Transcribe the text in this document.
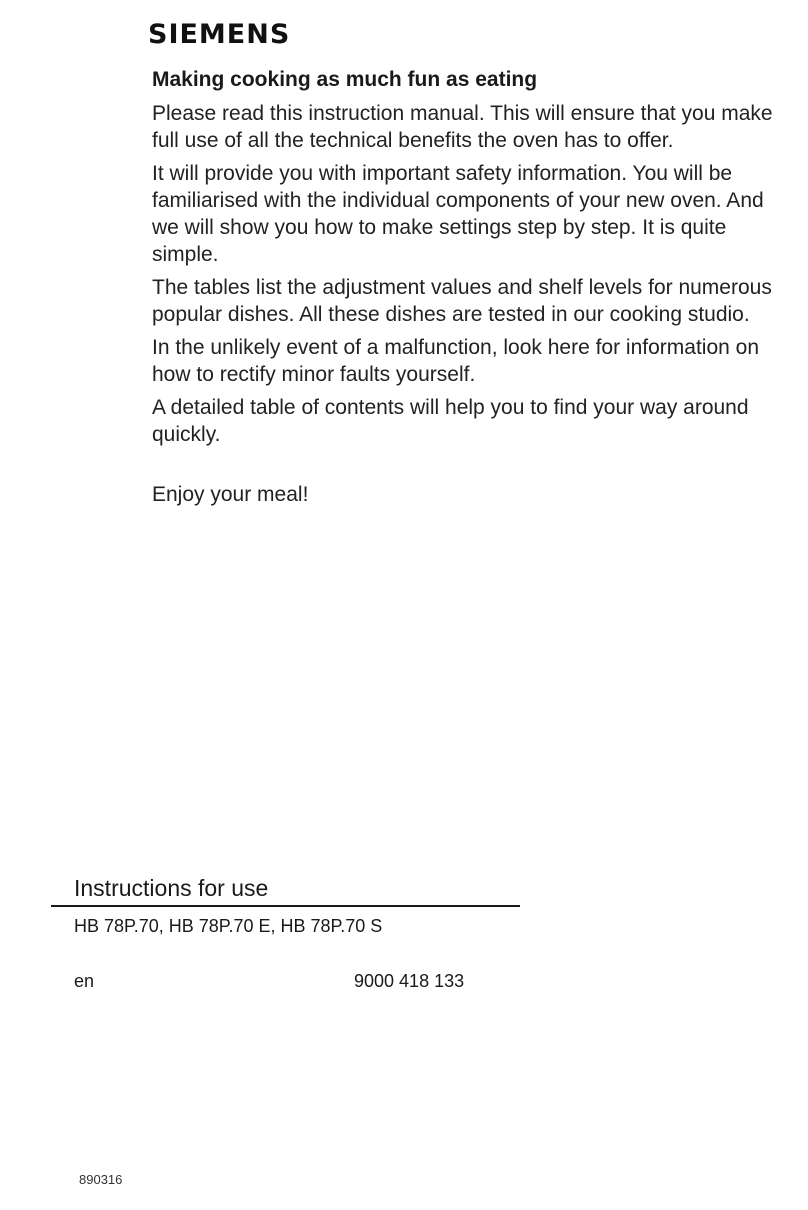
SIEMENS
Making cooking as much fun as eating

Please read this instruction manual. This will ensure that you make full use of all the technical benefits the oven has to offer.

It will provide you with important safety information. You will be familiarised with the individual components of your new oven. And we will show you how to make settings step by step. It is quite simple.

The tables list the adjustment values and shelf levels for numerous popular dishes. All these dishes are tested in our cooking studio.

In the unlikely event of a malfunction, look here for information on how to rectify minor faults yourself.

A detailed table of contents will help you to find your way around quickly.

Enjoy your meal!

Instructions for use
HB 78P.70, HB 78P.70 E, HB 78P.70 S
en	9000 418 133
890316
